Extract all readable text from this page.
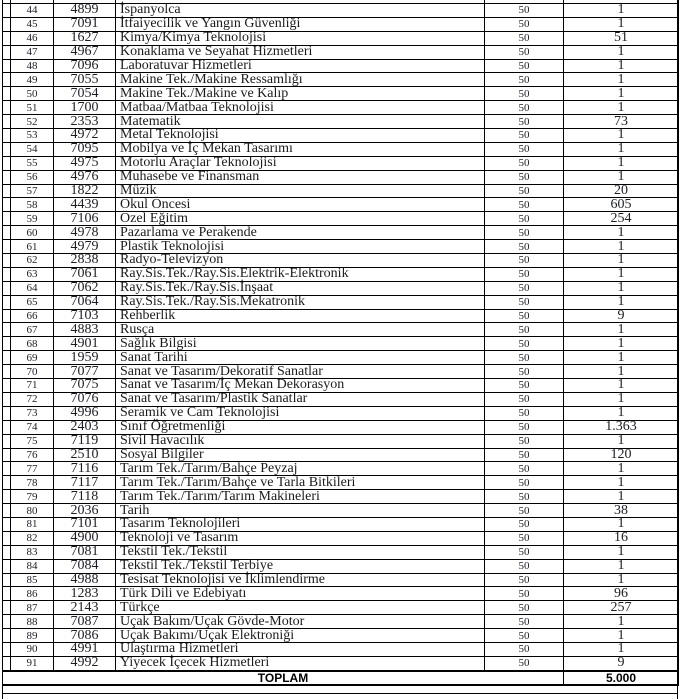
	44	4899	İspanyolca	50	1
	45	7091	İtfaiyecilik ve Yangın Güvenliği	50	1
	46	1627	Kimya/Kimya Teknolojisi	50	51
	47	4967	Konaklama ve Seyahat Hizmetleri	50	1
	48	7096	Laboratuvar Hizmetleri	50	1
	49	7055	Makine Tek./Makine Ressamlığı	50	1
	50	7054	Makine Tek./Makine ve Kalıp	50	1
	51	1700	Matbaa/Matbaa Teknolojisi	50	1
	52	2353	Matematik	50	73
	53	4972	Metal Teknolojisi	50	1
	54	7095	Mobilya ve İç Mekan Tasarımı	50	1
	55	4975	Motorlu Araçlar Teknolojisi	50	1
	56	4976	Muhasebe ve Finansman	50	1
	57	1822	Müzik	50	20
	58	4439	Okul Öncesi	50	605
	59	7106	Özel Eğitim	50	254
	60	4978	Pazarlama ve Perakende	50	1
	61	4979	Plastik Teknolojisi	50	1
	62	2838	Radyo-Televizyon	50	1
	63	7061	Ray.Sis.Tek./Ray.Sis.Elektrik-Elektronik	50	1
	64	7062	Ray.Sis.Tek./Ray.Sis.İnşaat	50	1
	65	7064	Ray.Sis.Tek./Ray.Sis.Mekatronik	50	1
	66	7103	Rehberlik	50	9
	67	4883	Rusça	50	1
	68	4901	Sağlık Bilgisi	50	1
	69	1959	Sanat Tarihi	50	1
	70	7077	Sanat ve Tasarım/Dekoratif Sanatlar	50	1
	71	7075	Sanat ve Tasarım/İç Mekan Dekorasyon	50	1
	72	7076	Sanat ve Tasarım/Plastik Sanatlar	50	1
	73	4996	Seramik ve Cam Teknolojisi	50	1
	74	2403	Sınıf Öğretmenliği	50	1.363
	75	7119	Sivil Havacılık	50	1
	76	2510	Sosyal Bilgiler	50	120
	77	7116	Tarım Tek./Tarım/Bahçe Peyzaj	50	1
	78	7117	Tarım Tek./Tarım/Bahçe ve Tarla Bitkileri	50	1
	79	7118	Tarım Tek./Tarım/Tarım Makineleri	50	1
	80	2036	Tarih	50	38
	81	7101	Tasarım Teknolojileri	50	1
	82	4900	Teknoloji ve Tasarım	50	16
	83	7081	Tekstil Tek./Tekstil	50	1
	84	7084	Tekstil Tek./Tekstil Terbiye	50	1
	85	4988	Tesisat Teknolojisi ve İklimlendirme	50	1
	86	1283	Türk Dili ve Edebiyatı	50	96
	87	2143	Türkçe	50	257
	88	7087	Uçak Bakım/Uçak Gövde-Motor	50	1
	89	7086	Uçak Bakımı/Uçak Elektroniği	50	1
	90	4991	Ulaştırma Hizmetleri	50	1
	91	4992	Yiyecek İçecek Hizmetleri	50	9
TOPLAM					5.000
